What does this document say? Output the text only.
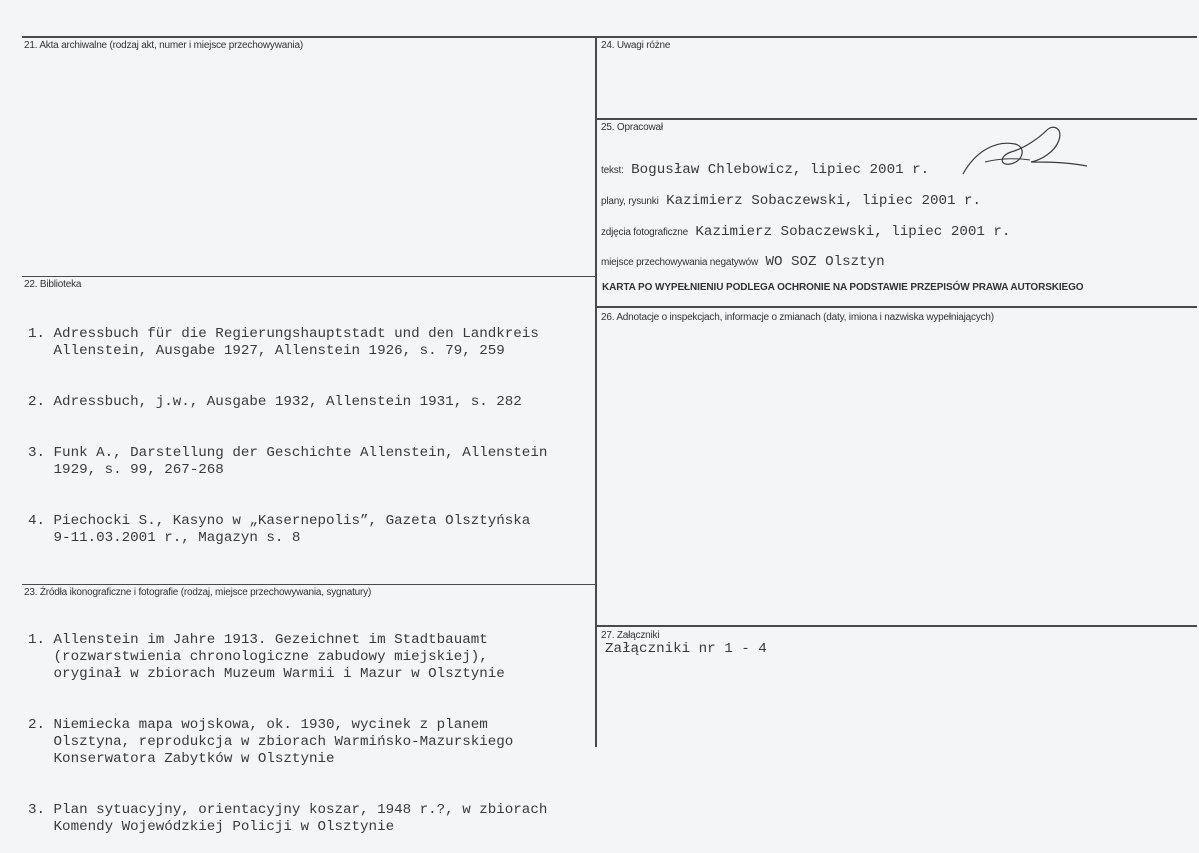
21. Akta archiwalne (rodzaj akt, numer i miejsce przechowywania)
22. Biblioteka

1. Adressbuch für die Regierungshauptstadt und den Landkreis
Allenstein, Ausgabe 1927, Allenstein 1926, s. 79, 259

2. Adressbuch, j.w., Ausgabe 1932, Allenstein 1931, s. 282

3. Funk A., Darstellung der Geschichte Allenstein, Allenstein
1929, s. 99, 267-268

4. Piechocki S., Kasyno w „Kasernepolis”, Gazeta Olsztyńska
9-11.03.2001 r., Magazyn s. 8

23. Źródła ikonograficzne i fotografie (rodzaj, miejsce przechowywania, sygnatury)

1. Allenstein im Jahre 1913. Gezeichnet im Stadtbauamt
(rozwarstwienia chronologiczne zabudowy miejskiej),
oryginał w zbiorach Muzeum Warmii i Mazur w Olsztynie

2. Niemiecka mapa wojskowa, ok. 1930, wycinek z planem
Olsztyna, reprodukcja w zbiorach Warmińsko-Mazurskiego
Konserwatora Zabytków w Olsztynie

3. Plan sytuacyjny, orientacyjny koszar, 1948 r.?, w zbiorach
Komendy Wojewódzkiej Policji w Olsztynie

24. Uwagi różne
25. Opracował
tekst: Bogusław Chlebowicz, lipiec 2001 r.
plany, rysunki Kazimierz Sobaczewski, lipiec 2001 r.
zdjęcia fotograficzne Kazimierz Sobaczewski, lipiec 2001 r.
miejsce przechowywania negatywów WO SOZ Olsztyn
KARTA PO WYPEŁNIENIU PODLEGA OCHRONIE NA PODSTAWIE PRZEPISÓW PRAWA AUTORSKIEGO
26. Adnotacje o inspekcjach, informacje o zmianach (daty, imiona i nazwiska wypełniających)
27. Załączniki
Załączniki nr 1 - 4
